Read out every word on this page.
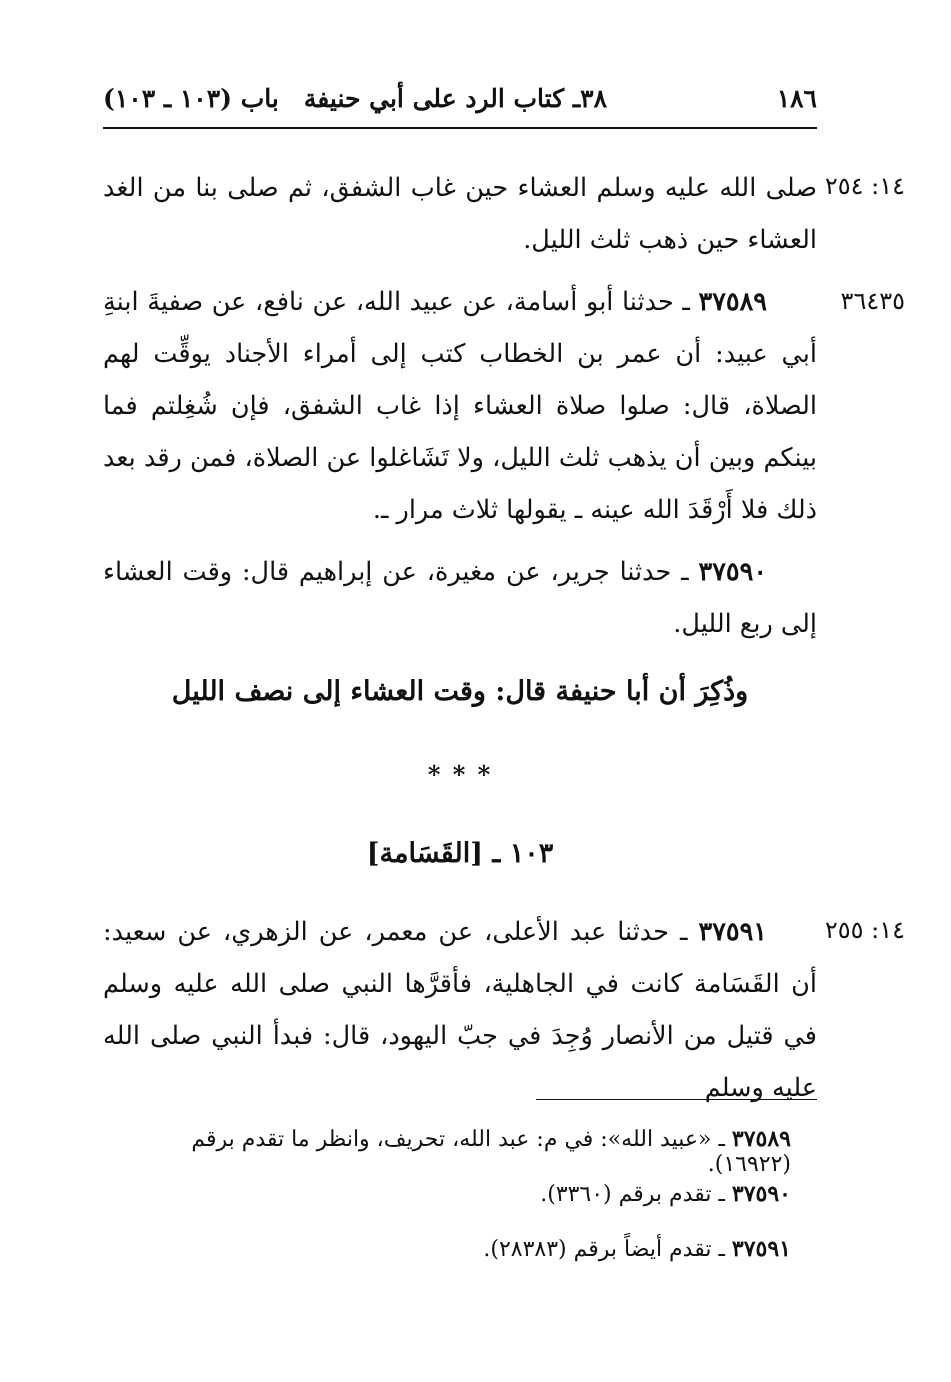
١٨٦
٣٨ـ كتاب الرد على أبي حنيفة
باب (١٠٣ ـ ١٠٣)
١٤: ٢٥٤
صلى الله عليه وسلم العشاء حين غاب الشفق، ثم صلى بنا من الغد العشاء حين ذهب ثلث الليل.
٣٦٤٣٥
٣٧٥٨٩ ـ حدثنا أبو أسامة، عن عبيد الله، عن نافع، عن صفيةَ ابنةِ أبي عبيد: أن عمر بن الخطاب كتب إلى أمراء الأجناد يوقِّت لهم الصلاة، قال: صلوا صلاة العشاء إذا غاب الشفق، فإن شُغِلتم فما بينكم وبين أن يذهب ثلث الليل، ولا تَشَاغلوا عن الصلاة، فمن رقد بعد ذلك فلا أَرْقَدَ الله عينه ـ يقولها ثلاث مرار ـ.
٣٧٥٩٠ ـ حدثنا جرير، عن مغيرة، عن إبراهيم قال: وقت العشاء إلى ربع الليل.
وذُكِرَ أن أبا حنيفة قال: وقت العشاء إلى نصف الليل
* * *
١٠٣ ـ [القَسَامة]
١٤: ٢٥٥
٣٧٥٩١ ـ حدثنا عبد الأعلى، عن معمر، عن الزهري، عن سعيد: أن القَسَامة كانت في الجاهلية، فأقرَّها النبي صلى الله عليه وسلم في قتيل من الأنصار وُجِدَ في جبّ اليهود، قال: فبدأ النبي صلى الله عليه وسلم
٣٧٥٨٩ ـ «عبيد الله»: في م: عبد الله، تحريف، وانظر ما تقدم برقم (١٦٩٢٢).
٣٧٥٩٠ ـ تقدم برقم (٣٣٦٠).
٣٧٥٩١ ـ تقدم أيضاً برقم (٢٨٣٨٣).
